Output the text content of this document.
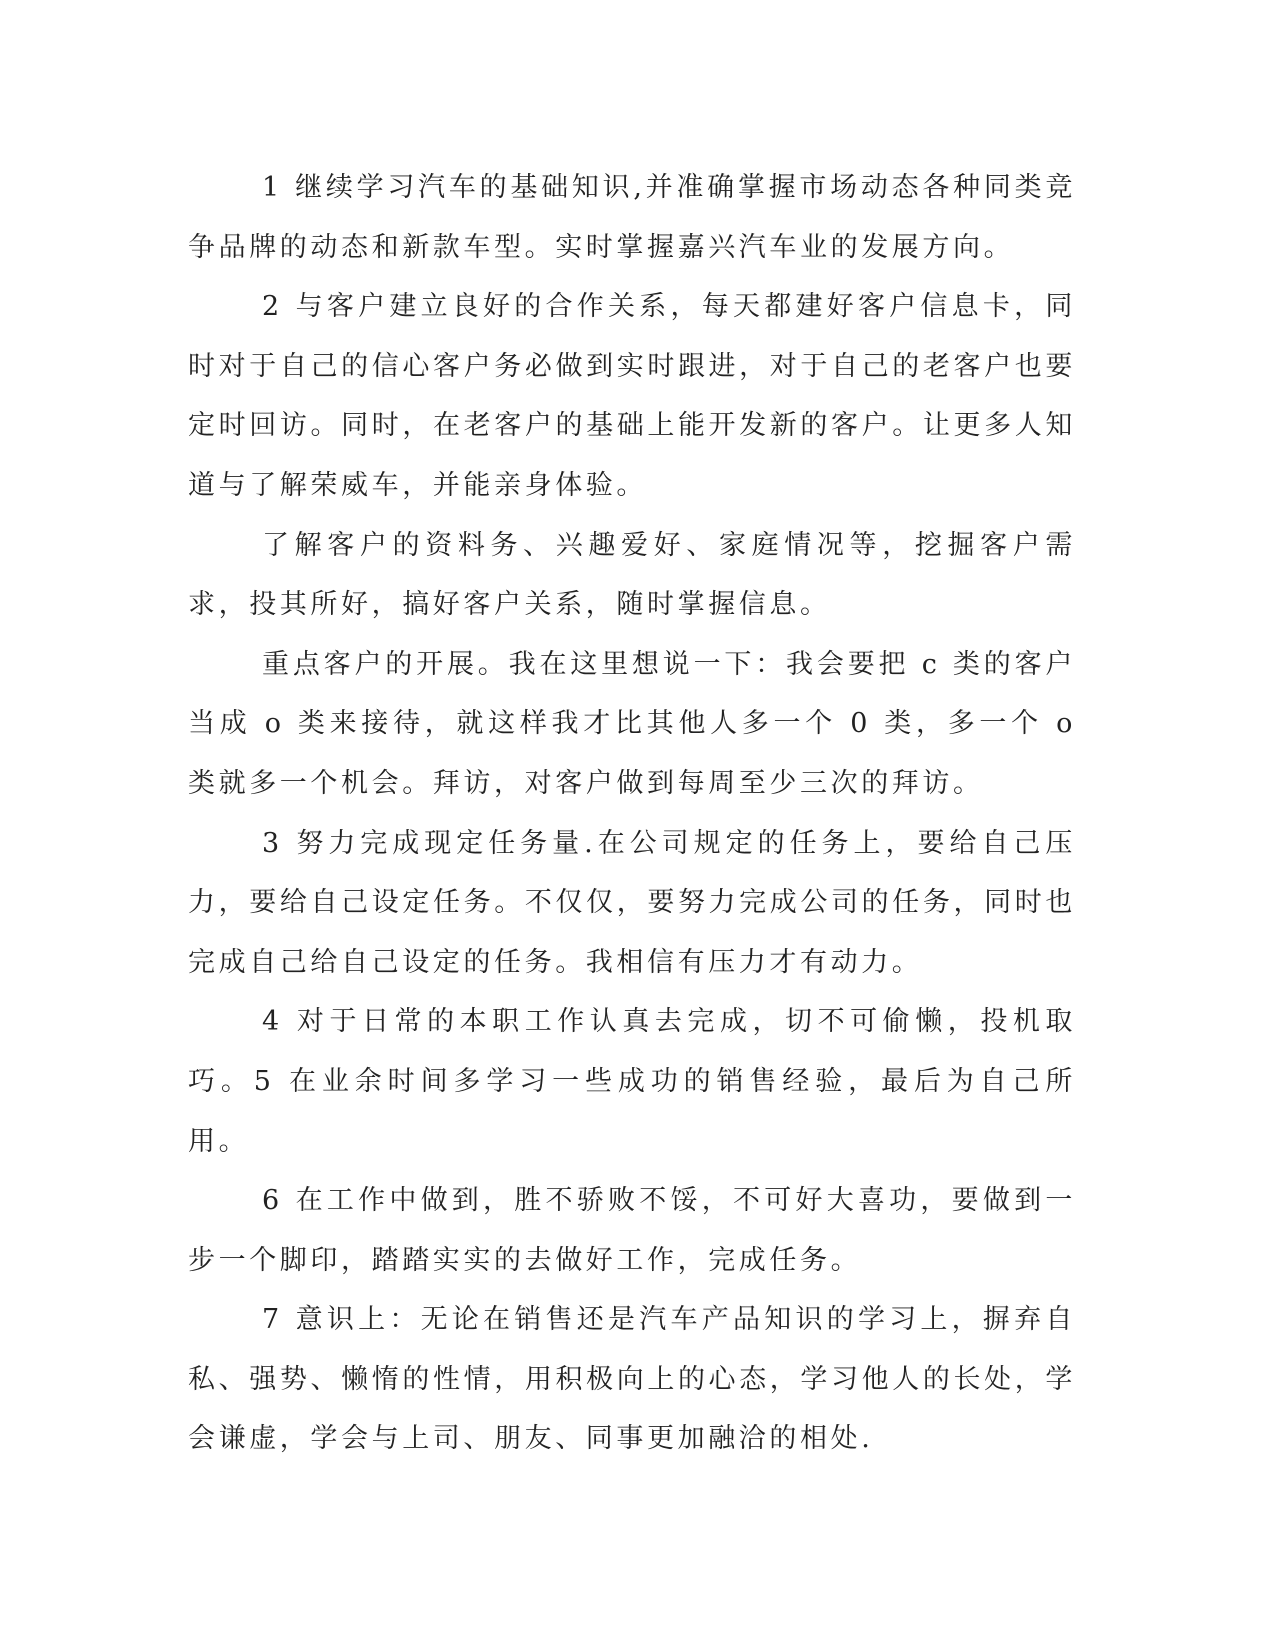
1 继续学习汽车的基础知识,并准确掌握市场动态各种同类竞争品牌的动态和新款车型。实时掌握嘉兴汽车业的发展方向。

2 与客户建立良好的合作关系，每天都建好客户信息卡，同时对于自己的信心客户务必做到实时跟进，对于自己的老客户也要定时回访。同时，在老客户的基础上能开发新的客户。让更多人知道与了解荣威车，并能亲身体验。

了解客户的资料务、兴趣爱好、家庭情况等，挖掘客户需求，投其所好，搞好客户关系，随时掌握信息。

重点客户的开展。我在这里想说一下：我会要把 c 类的客户当成 o 类来接待，就这样我才比其他人多一个 0 类，多一个 o 类就多一个机会。拜访，对客户做到每周至少三次的拜访。

3 努力完成现定任务量.在公司规定的任务上，要给自己压力，要给自己设定任务。不仅仅，要努力完成公司的任务，同时也完成自己给自己设定的任务。我相信有压力才有动力。

4 对于日常的本职工作认真去完成，切不可偷懒，投机取巧。5 在业余时间多学习一些成功的销售经验，最后为自己所用。

6 在工作中做到，胜不骄败不馁，不可好大喜功，要做到一步一个脚印，踏踏实实的去做好工作，完成任务。

7 意识上：无论在销售还是汽车产品知识的学习上，摒弃自私、强势、懒惰的性情，用积极向上的心态，学习他人的长处，学会谦虚，学会与上司、朋友、同事更加融洽的相处.
